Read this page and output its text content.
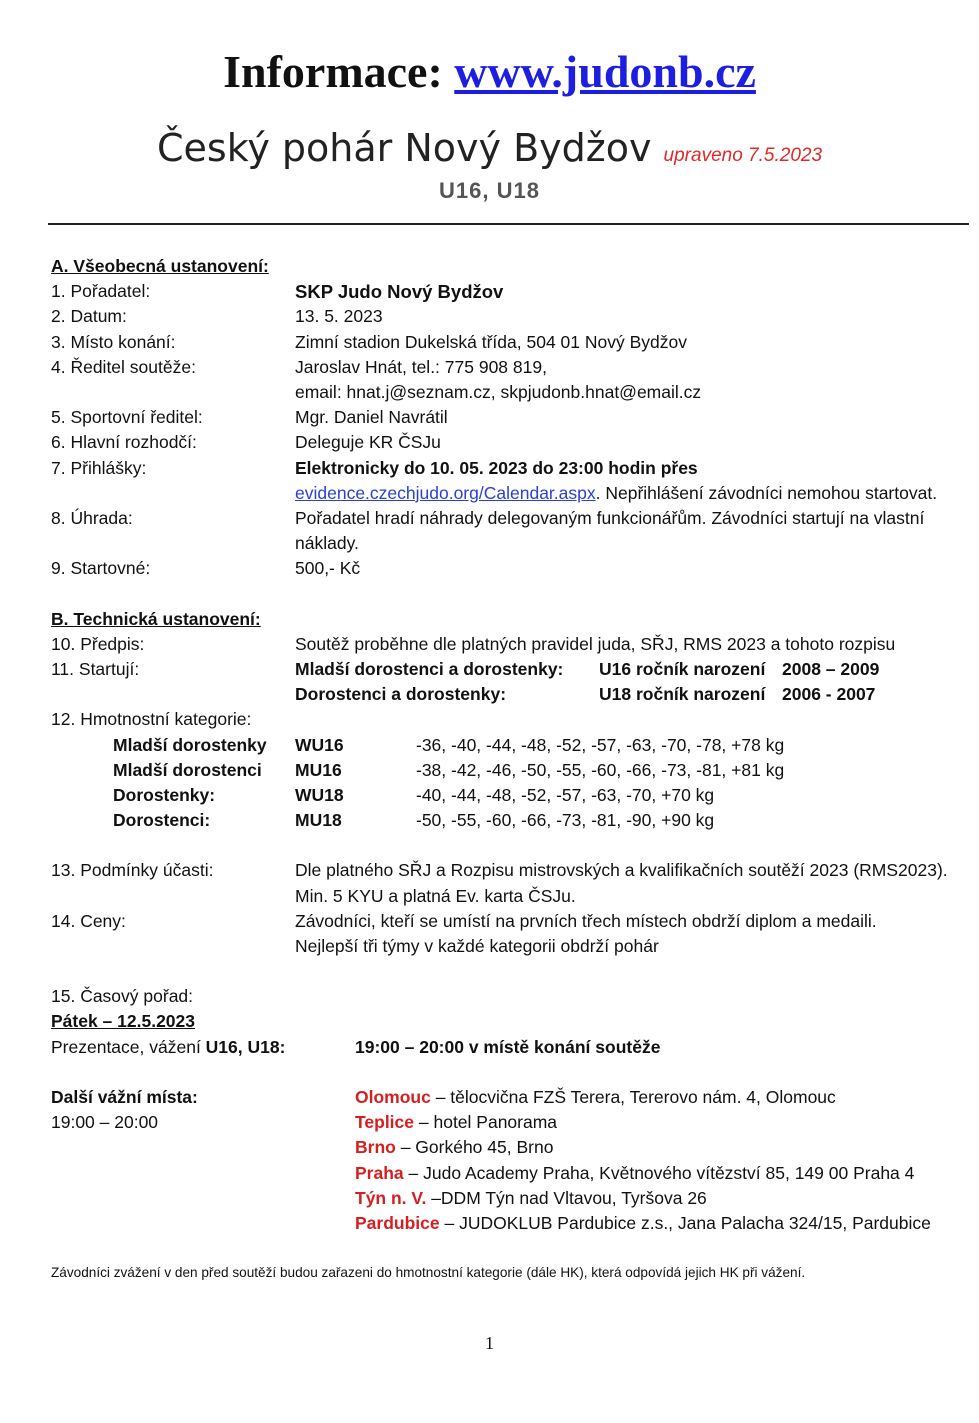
Informace: www.judonb.cz
Český pohár Nový Bydžov upraveno 7.5.2023
U16, U18
A. Všeobecná ustanovení:
1. Pořadatel:	SKP Judo Nový Bydžov
2. Datum:	13. 5. 2023
3. Místo konání:	Zimní stadion Dukelská třída, 504 01 Nový Bydžov
4. Ředitel soutěže:	Jaroslav Hnát, tel.: 775 908 819,
email: hnat.j@seznam.cz, skpjudonb.hnat@email.cz
5. Sportovní ředitel:	Mgr. Daniel Navrátil
6. Hlavní rozhodčí:	Deleguje KR ČSJu
7. Přihlášky:	Elektronicky do 10. 05. 2023 do 23:00 hodin přes
evidence.czechjudo.org/Calendar.aspx. Nepřihlášení závodníci nemohou startovat.
8. Úhrada:	Pořadatel hradí náhrady delegovaným funkcionářům. Závodníci startují na vlastní náklady.
9. Startovné:	500,- Kč
B. Technická ustanovení:
10. Předpis:	Soutěž proběhne dle platných pravidel juda, SŘJ, RMS 2023 a tohoto rozpisu
11. Startují:	Mladší dorostenci a dorostenky:	U16 ročník narození 2008 – 2009
Dorostenci a dorostenky:	U18 ročník narození 2006 - 2007
12. Hmotnostní kategorie:
Mladší dorostenky	WU16	-36, -40, -44, -48, -52, -57, -63, -70, -78, +78 kg
Mladší dorostenci	MU16	-38, -42, -46, -50, -55, -60, -66, -73, -81, +81 kg
Dorostenky:	WU18	-40, -44, -48, -52, -57, -63, -70, +70 kg
Dorostenci:	MU18	-50, -55, -60, -66, -73, -81, -90, +90 kg
13. Podmínky účasti:	Dle platného SŘJ a Rozpisu mistrovských a kvalifikačních soutěží 2023 (RMS2023). Min. 5 KYU a platná Ev. karta ČSJu.
14. Ceny:	Závodníci, kteří se umístí na prvních třech místech obdrží diplom a medaili.
Nejlepší tři týmy v každé kategorii obdrží pohár
15. Časový pořad:
Pátek – 12.5.2023
Prezentace, vážení U16, U18:	19:00 – 20:00 v místě konání soutěže
Další vážní místa:
19:00 – 20:00
Olomouc – tělocvična FZŠ Terera, Tererovo nám. 4, Olomouc
Teplice – hotel Panorama
Brno – Gorkého 45, Brno
Praha – Judo Academy Praha, Květnového vítězství 85, 149 00 Praha 4
Týn n. V. –DDM Týn nad Vltavou, Tyršova 26
Pardubice – JUDOKLUB Pardubice z.s., Jana Palacha 324/15, Pardubice
Závodníci zvážení v den před soutěží budou zařazeni do hmotnostní kategorie (dále HK), která odpovídá jejich HK při vážení.
1
